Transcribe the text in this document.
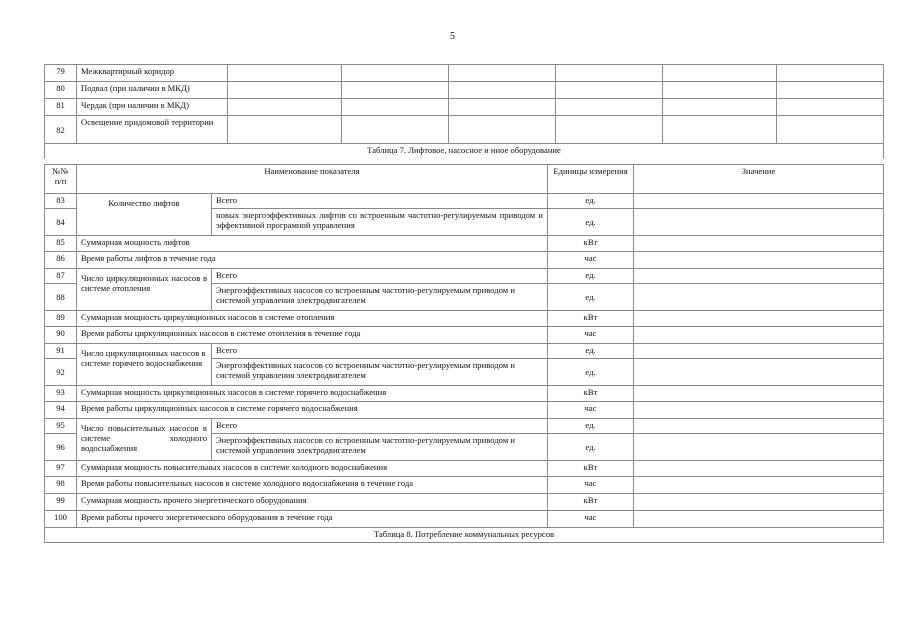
5
79	Межквартирный коридор						
80	Подвал (при наличии в МКД)						
81	Чердак (при наличии в МКД)						
82	Освещение придомовой территории						
Таблица 7. Лифтовое, насосное и иное оборудование							
№№ п/п	Наименование показателя		Единицы измерения	Значение
83	Количество лифтов	Всего	ед.	
84		новых энергоэффективных лифтов со встроенным частотно-регулируемым приводом и эффективной програмной управления	ед.	
85	Суммарная мощность лифтов		кВт	
86	Время работы лифтов в течение года		час	
87	Число циркуляционных насосов в системе отопления	Всего	ед.	
88		Энергоэффективных насосов со встроенным частотно-регулируемым приводом и системой управления электродвигателем	ед.	
89	Суммарная мощность циркуляционных насосов в системе отопления		кВт	
90	Время работы циркуляционных насосов в системе отопления в течение года		час	
91	Число циркуляционных насосов в системе горячего водоснабжения	Всего	ед.	
92		Энергоэффективных насосов со встроенным частотно-регулируемым приводом и системой управления электродвигателем	ед.	
93	Суммарная мощность циркуляционных насосов в системе горячего водоснабжения		кВт	
94	Время работы циркуляционных насосов в системе горячего водоснабжения		час	
95	Число повысительных насосов в системе холодного водоснабжения	Всего	ед.	
96		Энергоэффективных насосов со встроенным частотно-регулируемым приводом и системой управления электродвигателем	ед.	
97	Суммарная мощность повысительных насосов в системе холодного водоснабжения		кВт	
98	Время работы повысительных насосов в системе холодного водоснабжения в течение года		час	
99	Суммарная мощность прочего энергетического оборудования		кВт	
100	Время работы прочего энергетического оборудования в течение года		час	
Таблица 8. Потребление коммунальных ресурсов				
